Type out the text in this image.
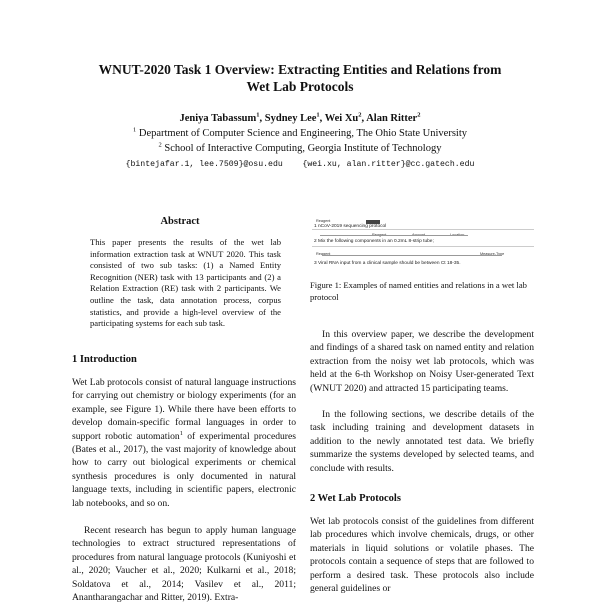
WNUT-2020 Task 1 Overview: Extracting Entities and Relations from
Wet Lab Protocols
Jeniya Tabassum$^1$, Sydney Lee$^1$, Wei Xu$^2$, Alan Ritter$^2$
$^1$ Department of Computer Science and Engineering, The Ohio State University
$^2$ School of Interactive Computing, Georgia Institute of Technology
{bintejafar.1, lee.7509}@osu.edu    {wei.xu, alan.ritter}@cc.gatech.edu
Abstract
This paper presents the results of the wet lab information extraction task at WNUT 2020. This task consisted of two sub tasks: (1) a Named Entity Recognition (NER) task with 13 participants and (2) a Relation Extraction (RE) task with 2 participants. We outline the task, data annotation process, corpus statistics, and provide a high-level overview of the participating systems for each sub task.
1 Introduction
Wet Lab protocols consist of natural language instructions for carrying out chemistry or biology experiments (for an example, see Figure 1). While there have been efforts to develop domain-specific formal languages in order to support robotic automation$^1$ of experimental procedures (Bates et al., 2017), the vast majority of knowledge about how to carry out biological experiments or chemical synthesis procedures is only documented in natural language texts, including in scientific papers, electronic lab notebooks, and so on.
Recent research has begun to apply human language technologies to extract structured representations of procedures from natural language protocols (Kuniyoshi et al., 2020; Vaucher et al., 2020; Kulkarni et al., 2018; Soldatova et al., 2014; Vasilev et al., 2011; Anantharangachar and Ritter, 2019). Extra-
Reagent
1 nCoV-2019 sequencing protocol
Reagent	Amount	Location
2 Mix the following components in an 0.2mL 8-strip tube;
Reagent	Measure-Type
3 Viral RNA input from a clinical sample should be between Ct 18-35.
Figure 1: Examples of named entities and relations in a wet lab protocol
In this overview paper, we describe the development and findings of a shared task on named entity and relation extraction from the noisy wet lab protocols, which was held at the 6-th Workshop on Noisy User-generated Text (WNUT 2020) and attracted 15 participating teams.
In the following sections, we describe details of the task including training and development datasets in addition to the newly annotated test data. We briefly summarize the systems developed by selected teams, and conclude with results.
2 Wet Lab Protocols
Wet lab protocols consist of the guidelines from different lab procedures which involve chemicals, drugs, or other materials in liquid solutions or volatile phases. The protocols contain a sequence of steps that are followed to perform a desired task. These protocols also include general guidelines or
